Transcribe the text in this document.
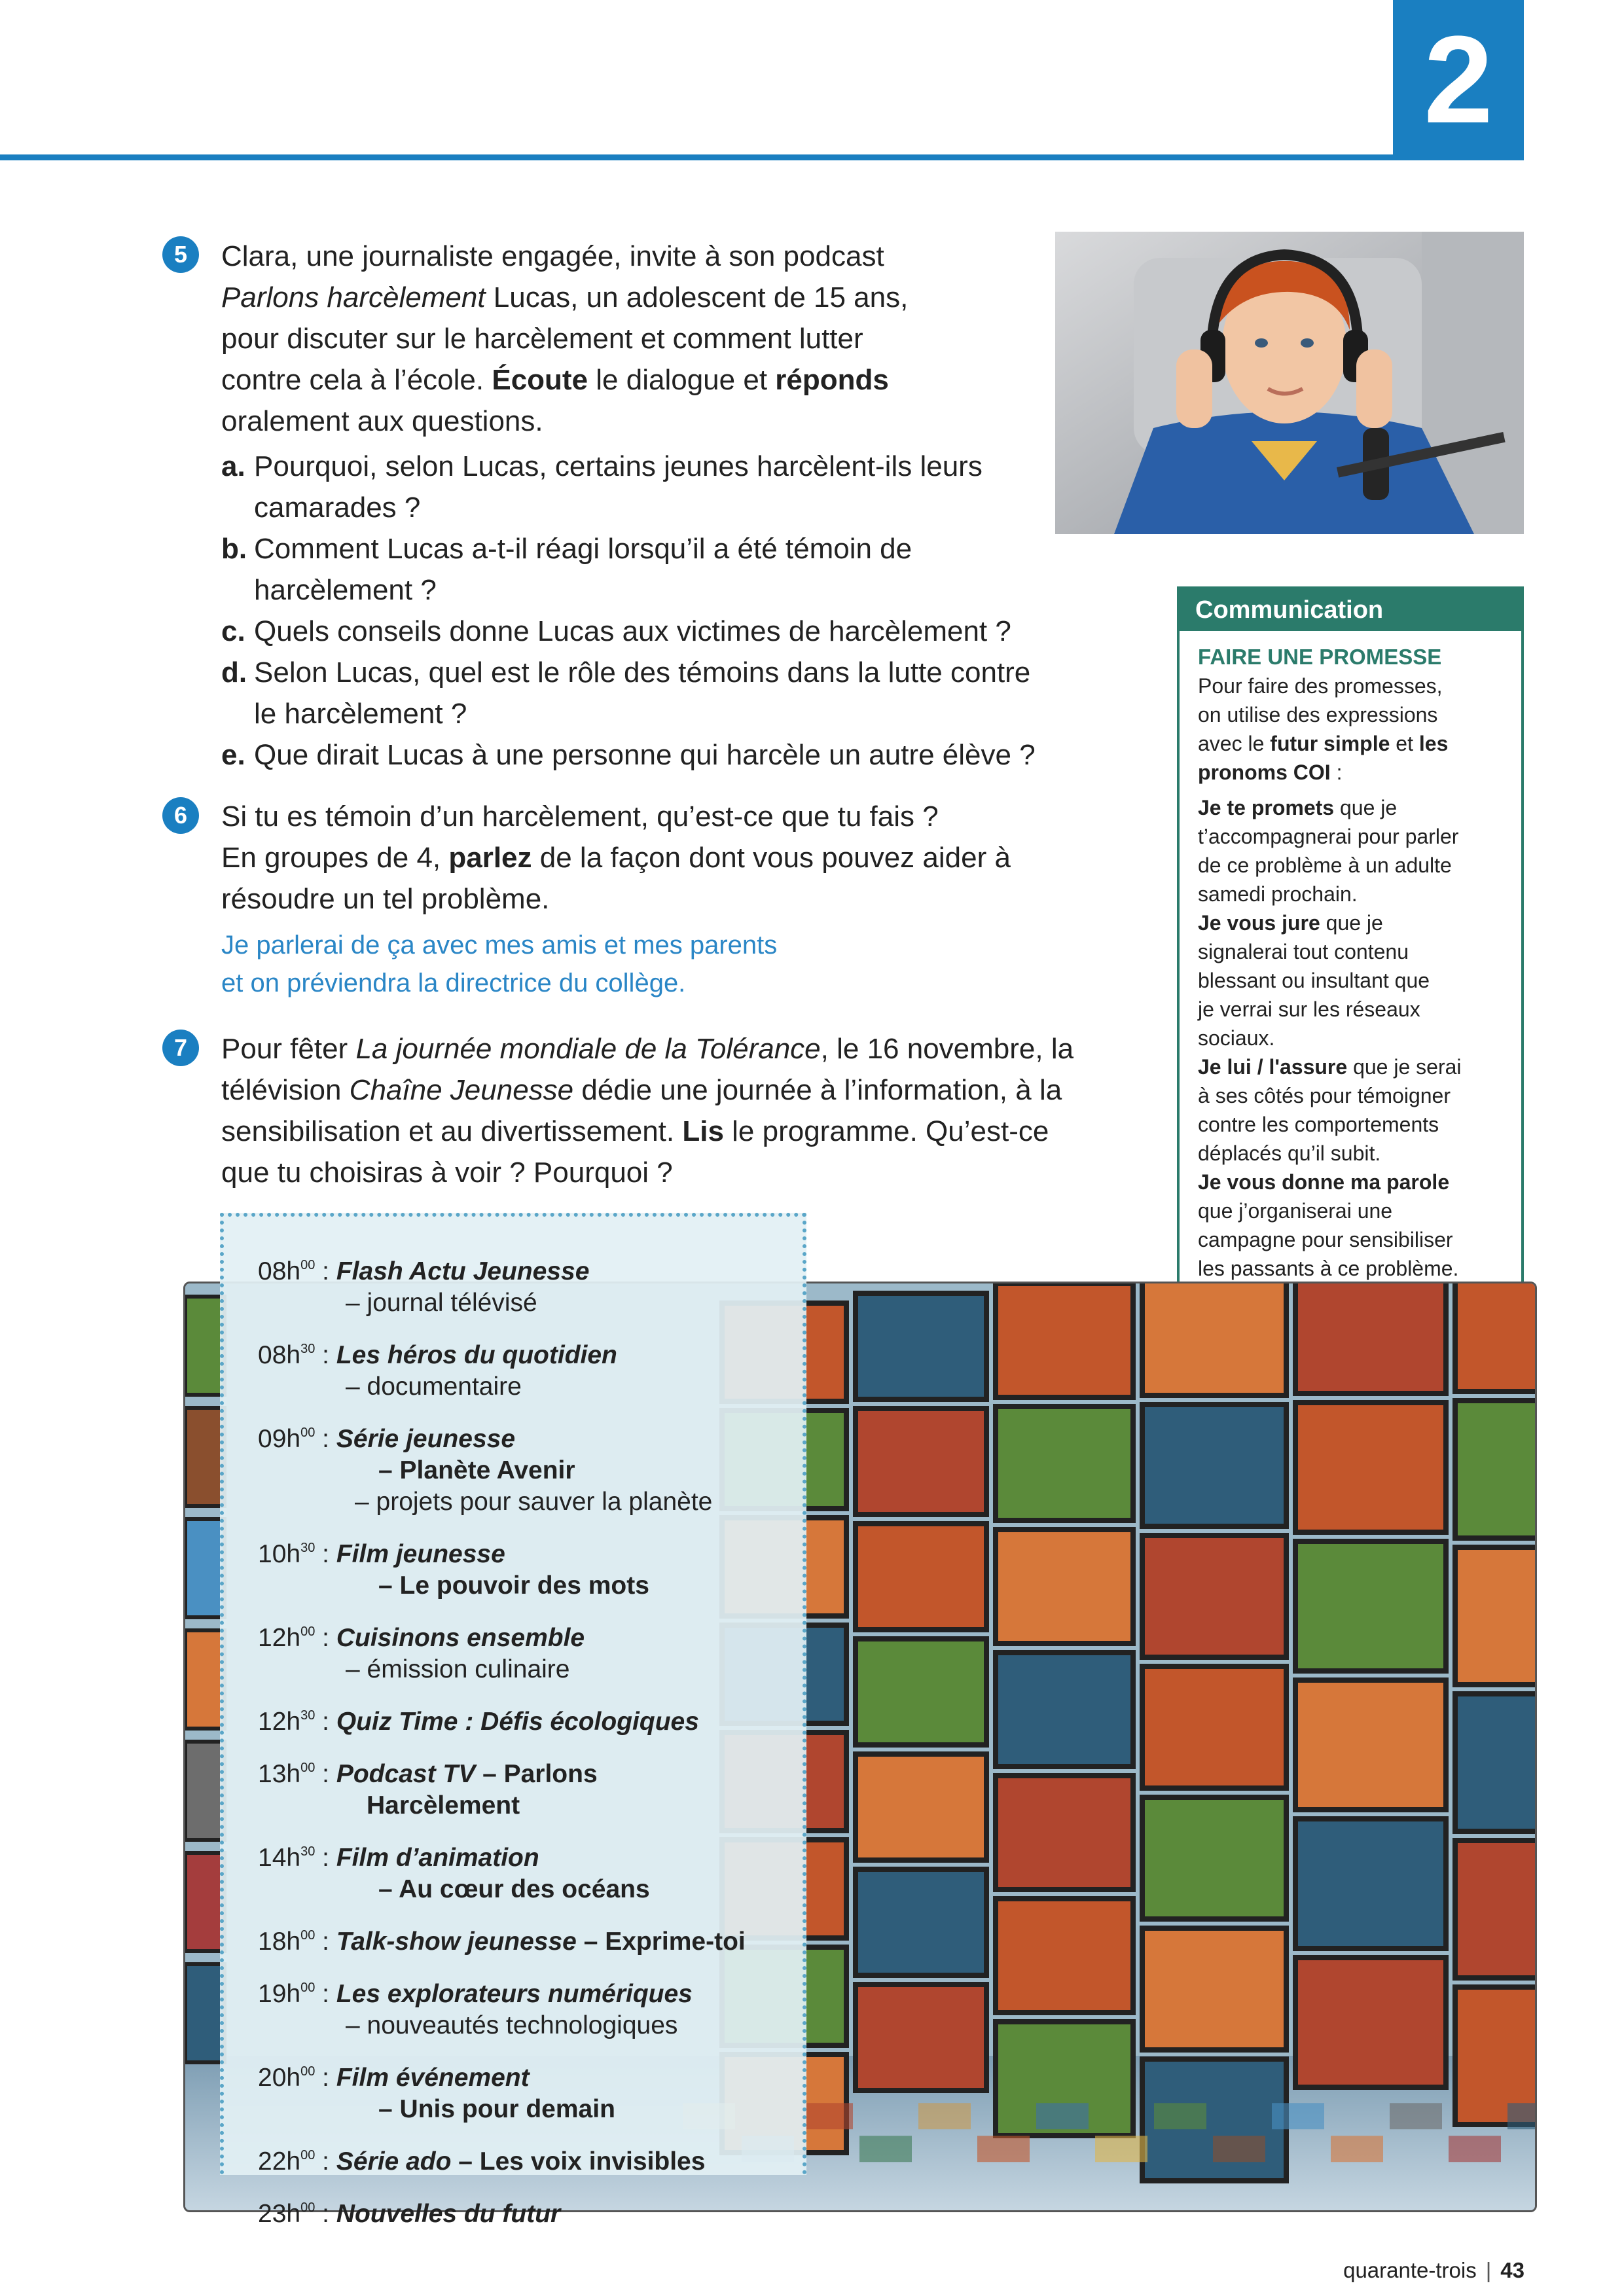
2
5	Clara, une journaliste engagée, invite à son podcast

Parlons harcèlement Lucas, un adolescent de 15 ans,

pour discuter sur le harcèlement et comment lutter

contre cela à l’école. Écoute le dialogue et réponds

oralement aux questions.

a. Pourquoi, selon Lucas, certains jeunes harcèlent-ils leurs
camarades ?

b. Comment Lucas a-t-il réagi lorsqu’il a été témoin de
harcèlement ?

c. Quels conseils donne Lucas aux victimes de harcèlement ?

d. Selon Lucas, quel est le rôle des témoins dans la lutte contre
le harcèlement ?

e. Que dirait Lucas à une personne qui harcèle un autre élève ?

Communication

FAIRE UNE PROMESSE

Pour faire des promesses,

on utilise des expressions

avec le futur simple et les

pronoms COI :

Je te promets que je

t’accompagnerai pour parler

de ce problème à un adulte

samedi prochain.

Je vous jure que je

signalerai tout contenu

blessant ou insultant que

je verrai sur les réseaux

sociaux.

Je lui / l'assure que je serai

à ses côtés pour témoigner

contre les comportements

déplacés qu’il subit.

Je vous donne ma parole

que j’organiserai une

campagne pour sensibiliser

les passants à ce problème.

6	Si tu es témoin d’un harcèlement, qu’est-ce que tu fais ?

En groupes de 4, parlez de la façon dont vous pouvez aider à

résoudre un tel problème.

Je parlerai de ça avec mes amis et mes parents

et on préviendra la directrice du collège.

7	Pour fêter La journée mondiale de la Tolérance, le 16 novembre, la

télévision Chaîne Jeunesse dédie une journée à l’information, à la

sensibilisation et au divertissement. Lis le programme. Qu’est-ce

que tu choisiras à voir ? Pourquoi ?

$08h^{00}$ : Flash Actu Jeunesse
– journal télévisé
$08h^{30}$ : Les héros du quotidien
– documentaire
$09h^{00}$ : Série jeunesse
– Planète Avenir
– projets pour sauver la planète
$10h^{30}$ : Film jeunesse
– Le pouvoir des mots
$12h^{00}$ : Cuisinons ensemble
– émission culinaire
$12h^{30}$ : Quiz Time : Défis écologiques
$13h^{00}$ : Podcast TV – Parlons
Harcèlement
$14h^{30}$ : Film d’animation
– Au cœur des océans
$18h^{00}$ : Talk-show jeunesse – Exprime-toi
$19h^{00}$ : Les explorateurs numériques
– nouveautés technologiques
$20h^{00}$ : Film événement
– Unis pour demain
$22h^{00}$ : Série ado – Les voix invisibles
$23h^{00}$ : Nouvelles du futur
quarante-trois | 43
